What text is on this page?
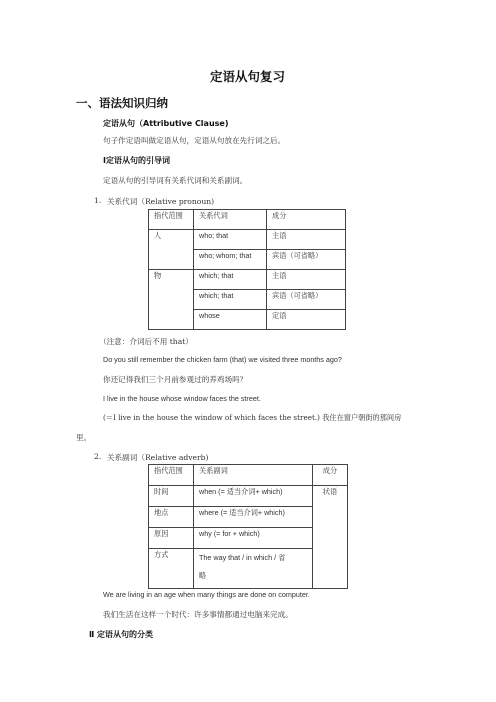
定语从句复习
一、语法知识归纳
定语从句（Attributive Clause)
句子作定语叫做定语从句，定语从句放在先行词之后。
Ⅰ定语从句的引导词
定语从句的引导词有关系代词和关系副词。
1. 关系代词（Relative pronoun)
指代范围	关系代词	成分
人	who; that	主语
	who; whom; that	宾语（可省略）
物	which; that	主语
	which; that	宾语（可省略）
	whose	定语
（注意：介词后不用 that）
Do you still remember the chicken farm (that) we visited three months ago?
你还记得我们三个月前参观过的养鸡场吗？
I live in the house whose window faces the street.
(＝I live in the house the window of which faces the street.) 我住在窗户朝街的那间房
里。
2. 关系副词（Relative adverb)
指代范围	关系副词	成分
时间	when (= 适当介词+ which)	状语
地点	where (= 适当介词+ which)	
原因	why (= for + which)	
方式	The way that / in which / 省
略	
We are living in an age when many things are done on computer.
我们生活在这样一个时代：许多事情都通过电脑来完成。
Ⅱ 定语从句的分类
